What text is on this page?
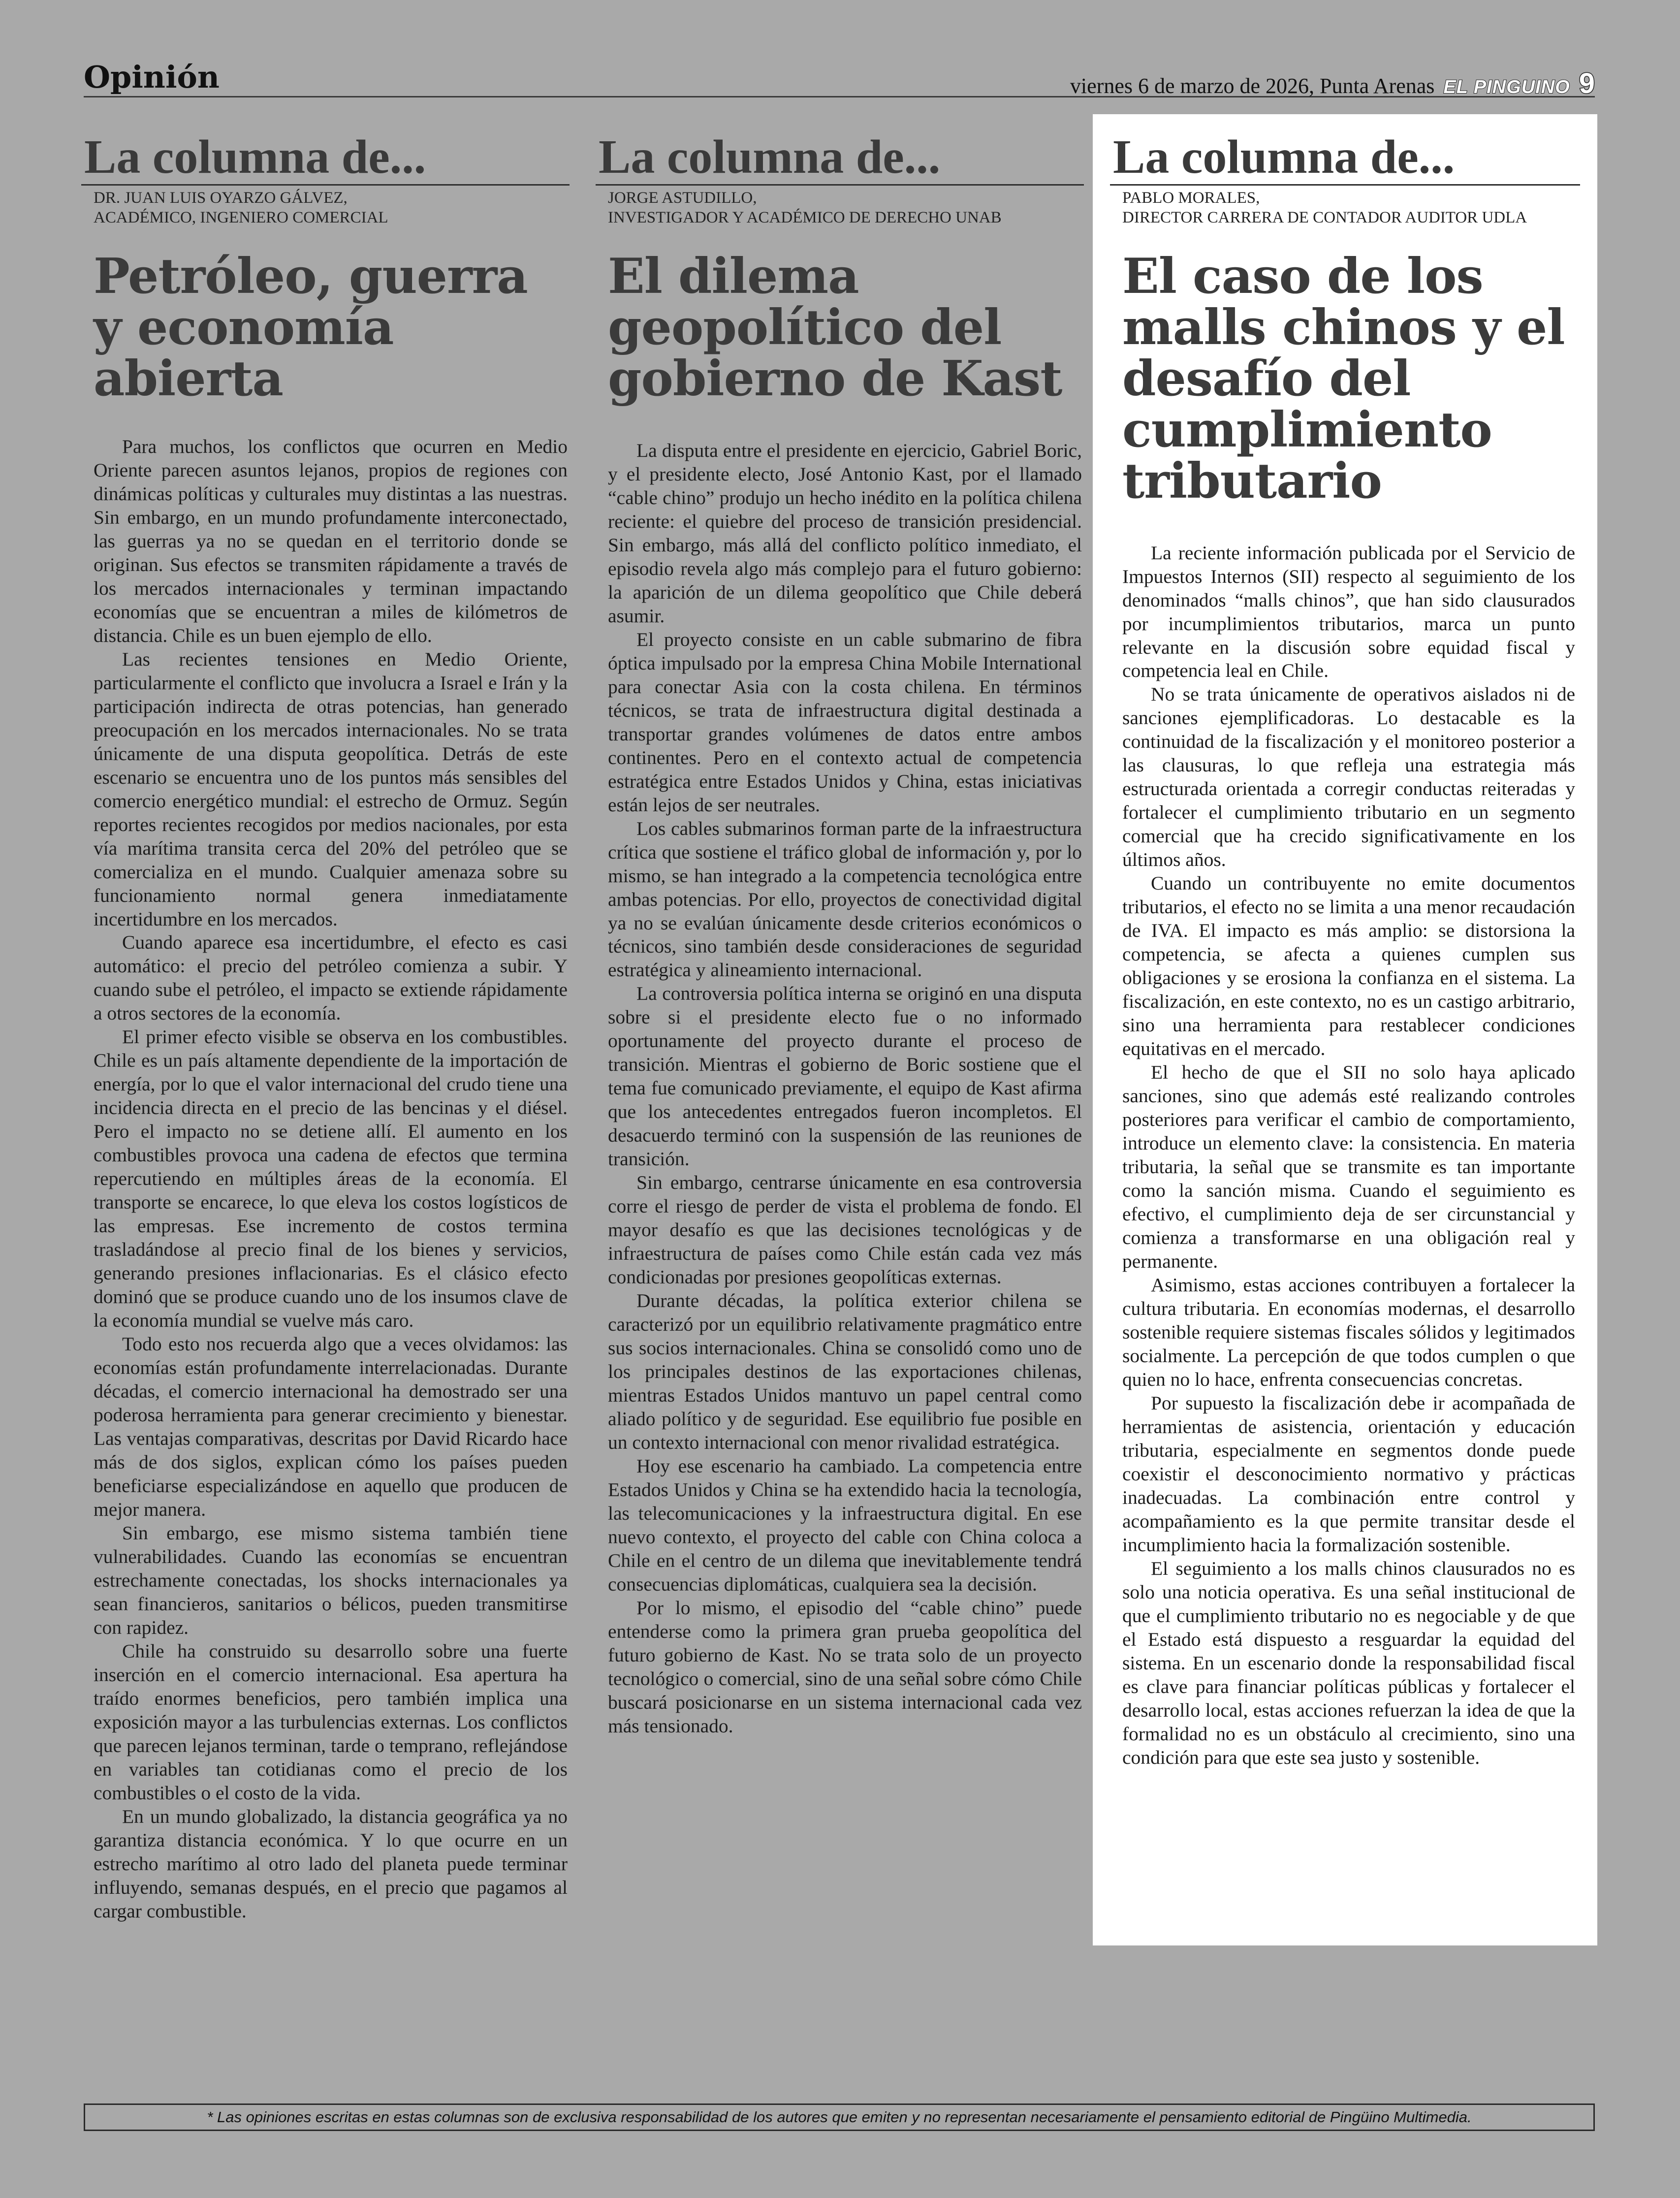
Opinión	viernes 6 de marzo de 2026, Punta Arenas EL PINGUINO 9
La columna de...
DR. JUAN LUIS OYARZO GÁLVEZ,
ACADÉMICO, INGENIERO COMERCIAL
Petróleo, guerra y economía abierta

Para muchos, los conflictos que ocurren en Medio Oriente parecen asuntos lejanos, propios de regiones con dinámicas políticas y culturales muy distintas a las nuestras. Sin embargo, en un mundo profundamente interconectado, las guerras ya no se quedan en el territorio donde se originan. Sus efectos se transmiten rápidamente a través de los mercados internacionales y terminan impactando economías que se encuentran a miles de kilómetros de distancia. Chile es un buen ejemplo de ello.

Las recientes tensiones en Medio Oriente, particularmente el conflicto que involucra a Israel e Irán y la participación indirecta de otras potencias, han generado preocupación en los mercados internacionales. No se trata únicamente de una disputa geopolítica. Detrás de este escenario se encuentra uno de los puntos más sensibles del comercio energético mundial: el estrecho de Ormuz. Según reportes recientes recogidos por medios nacionales, por esta vía marítima transita cerca del 20% del petróleo que se comercializa en el mundo. Cualquier amenaza sobre su funcionamiento normal genera inmediatamente incertidumbre en los mercados.

Cuando aparece esa incertidumbre, el efecto es casi automático: el precio del petróleo comienza a subir. Y cuando sube el petróleo, el impacto se extiende rápidamente a otros sectores de la economía.

El primer efecto visible se observa en los combustibles. Chile es un país altamente dependiente de la importación de energía, por lo que el valor internacional del crudo tiene una incidencia directa en el precio de las bencinas y el diésel. Pero el impacto no se detiene allí. El aumento en los combustibles provoca una cadena de efectos que termina repercutiendo en múltiples áreas de la economía. El transporte se encarece, lo que eleva los costos logísticos de las empresas. Ese incremento de costos termina trasladándose al precio final de los bienes y servicios, generando presiones inflacionarias. Es el clásico efecto dominó que se produce cuando uno de los insumos clave de la economía mundial se vuelve más caro.

Todo esto nos recuerda algo que a veces olvidamos: las economías están profundamente interrelacionadas. Durante décadas, el comercio internacional ha demostrado ser una poderosa herramienta para generar crecimiento y bienestar. Las ventajas comparativas, descritas por David Ricardo hace más de dos siglos, explican cómo los países pueden beneficiarse especializándose en aquello que producen de mejor manera.

Sin embargo, ese mismo sistema también tiene vulnerabilidades. Cuando las economías se encuentran estrechamente conectadas, los shocks internacionales ya sean financieros, sanitarios o bélicos, pueden transmitirse con rapidez.

Chile ha construido su desarrollo sobre una fuerte inserción en el comercio internacional. Esa apertura ha traído enormes beneficios, pero también implica una exposición mayor a las turbulencias externas. Los conflictos que parecen lejanos terminan, tarde o temprano, reflejándose en variables tan cotidianas como el precio de los combustibles o el costo de la vida.

En un mundo globalizado, la distancia geográfica ya no garantiza distancia económica. Y lo que ocurre en un estrecho marítimo al otro lado del planeta puede terminar influyendo, semanas después, en el precio que pagamos al cargar combustible.

La columna de...
JORGE ASTUDILLO,
INVESTIGADOR Y ACADÉMICO DE DERECHO UNAB
El dilema geopolítico del gobierno de Kast

La disputa entre el presidente en ejercicio, Gabriel Boric, y el presidente electo, José Antonio Kast, por el llamado “cable chino” produjo un hecho inédito en la política chilena reciente: el quiebre del proceso de transición presidencial. Sin embargo, más allá del conflicto político inmediato, el episodio revela algo más complejo para el futuro gobierno: la aparición de un dilema geopolítico que Chile deberá asumir.

El proyecto consiste en un cable submarino de fibra óptica impulsado por la empresa China Mobile International para conectar Asia con la costa chilena. En términos técnicos, se trata de infraestructura digital destinada a transportar grandes volúmenes de datos entre ambos continentes. Pero en el contexto actual de competencia estratégica entre Estados Unidos y China, estas iniciativas están lejos de ser neutrales.

Los cables submarinos forman parte de la infraestructura crítica que sostiene el tráfico global de información y, por lo mismo, se han integrado a la competencia tecnológica entre ambas potencias. Por ello, proyectos de conectividad digital ya no se evalúan únicamente desde criterios económicos o técnicos, sino también desde consideraciones de seguridad estratégica y alineamiento internacional.

La controversia política interna se originó en una disputa sobre si el presidente electo fue o no informado oportunamente del proyecto durante el proceso de transición. Mientras el gobierno de Boric sostiene que el tema fue comunicado previamente, el equipo de Kast afirma que los antecedentes entregados fueron incompletos. El desacuerdo terminó con la suspensión de las reuniones de transición.

Sin embargo, centrarse únicamente en esa controversia corre el riesgo de perder de vista el problema de fondo. El mayor desafío es que las decisiones tecnológicas y de infraestructura de países como Chile están cada vez más condicionadas por presiones geopolíticas externas.

Durante décadas, la política exterior chilena se caracterizó por un equilibrio relativamente pragmático entre sus socios internacionales. China se consolidó como uno de los principales destinos de las exportaciones chilenas, mientras Estados Unidos mantuvo un papel central como aliado político y de seguridad. Ese equilibrio fue posible en un contexto internacional con menor rivalidad estratégica.

Hoy ese escenario ha cambiado. La competencia entre Estados Unidos y China se ha extendido hacia la tecnología, las telecomunicaciones y la infraestructura digital. En ese nuevo contexto, el proyecto del cable con China coloca a Chile en el centro de un dilema que inevitablemente tendrá consecuencias diplomáticas, cualquiera sea la decisión.

Por lo mismo, el episodio del “cable chino” puede entenderse como la primera gran prueba geopolítica del futuro gobierno de Kast. No se trata solo de un proyecto tecnológico o comercial, sino de una señal sobre cómo Chile buscará posicionarse en un sistema internacional cada vez más tensionado.

La columna de...
PABLO MORALES,
DIRECTOR CARRERA DE CONTADOR AUDITOR UDLA
El caso de los malls chinos y el desafío del cumplimiento tributario

La reciente información publicada por el Servicio de Impuestos Internos (SII) respecto al seguimiento de los denominados “malls chinos”, que han sido clausurados por incumplimientos tributarios, marca un punto relevante en la discusión sobre equidad fiscal y competencia leal en Chile.

No se trata únicamente de operativos aislados ni de sanciones ejemplificadoras. Lo destacable es la continuidad de la fiscalización y el monitoreo posterior a las clausuras, lo que refleja una estrategia más estructurada orientada a corregir conductas reiteradas y fortalecer el cumplimiento tributario en un segmento comercial que ha crecido significativamente en los últimos años.

Cuando un contribuyente no emite documentos tributarios, el efecto no se limita a una menor recaudación de IVA. El impacto es más amplio: se distorsiona la competencia, se afecta a quienes cumplen sus obligaciones y se erosiona la confianza en el sistema. La fiscalización, en este contexto, no es un castigo arbitrario, sino una herramienta para restablecer condiciones equitativas en el mercado.

El hecho de que el SII no solo haya aplicado sanciones, sino que además esté realizando controles posteriores para verificar el cambio de comportamiento, introduce un elemento clave: la consistencia. En materia tributaria, la señal que se transmite es tan importante como la sanción misma. Cuando el seguimiento es efectivo, el cumplimiento deja de ser circunstancial y comienza a transformarse en una obligación real y permanente.

Asimismo, estas acciones contribuyen a fortalecer la cultura tributaria. En economías modernas, el desarrollo sostenible requiere sistemas fiscales sólidos y legitimados socialmente. La percepción de que todos cumplen o que quien no lo hace, enfrenta consecuencias concretas.

Por supuesto la fiscalización debe ir acompañada de herramientas de asistencia, orientación y educación tributaria, especialmente en segmentos donde puede coexistir el desconocimiento normativo y prácticas inadecuadas. La combinación entre control y acompañamiento es la que permite transitar desde el incumplimiento hacia la formalización sostenible.

El seguimiento a los malls chinos clausurados no es solo una noticia operativa. Es una señal institucional de que el cumplimiento tributario no es negociable y de que el Estado está dispuesto a resguardar la equidad del sistema. En un escenario donde la responsabilidad fiscal es clave para financiar políticas públicas y fortalecer el desarrollo local, estas acciones refuerzan la idea de que la formalidad no es un obstáculo al crecimiento, sino una condición para que este sea justo y sostenible.

* Las opiniones escritas en estas columnas son de exclusiva responsabilidad de los autores que emiten y no representan necesariamente el pensamiento editorial de Pingüino Multimedia.
